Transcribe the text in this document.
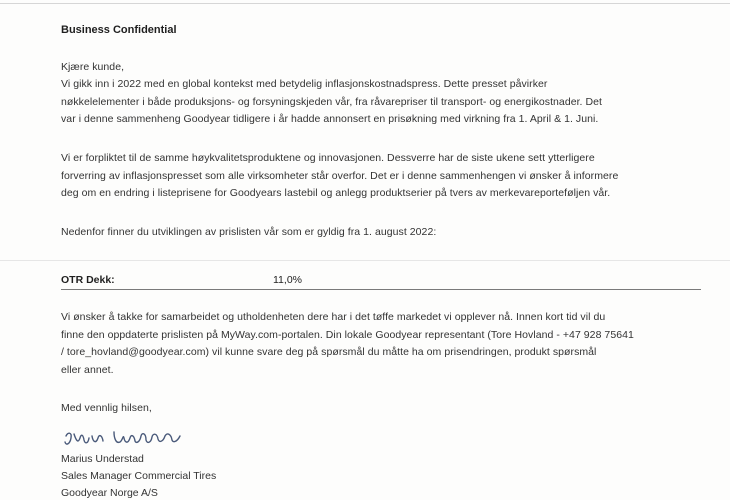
Business Confidential
Kjære kunde,
Vi gikk inn i 2022 med en global kontekst med betydelig inflasjonskostnadspress. Dette presset påvirker
nøkkelelementer i både produksjons- og forsyningskjeden vår, fra råvarepriser til transport- og energikostnader. Det
var i denne sammenheng Goodyear tidligere i år hadde annonsert en prisøkning med virkning fra 1. April & 1. Juni.
Vi er forpliktet til de samme høykvalitetsproduktene og innovasjonen. Dessverre har de siste ukene sett ytterligere
forverring av inflasjonspresset som alle virksomheter står overfor. Det er i denne sammenhengen vi ønsker å informere
deg om en endring i listeprisene for Goodyears lastebil og anlegg produktserier på tvers av merkevareporteføljen vår.
Nedenfor finner du utviklingen av prislisten vår som er gyldig fra 1. august 2022:
OTR Dekk:	11,0%
Vi ønsker å takke for samarbeidet og utholdenheten dere har i det tøffe markedet vi opplever nå. Innen kort tid vil du
finne den oppdaterte prislisten på MyWay.com-portalen. Din lokale Goodyear representant (Tore Hovland - +47 928 75641
/ tore_hovland@goodyear.com) vil kunne svare deg på spørsmål du måtte ha om prisendringen, produkt spørsmål
eller annet.
Med vennlig hilsen,
Marius Understad
Sales Manager Commercial Tires
Goodyear Norge A/S
